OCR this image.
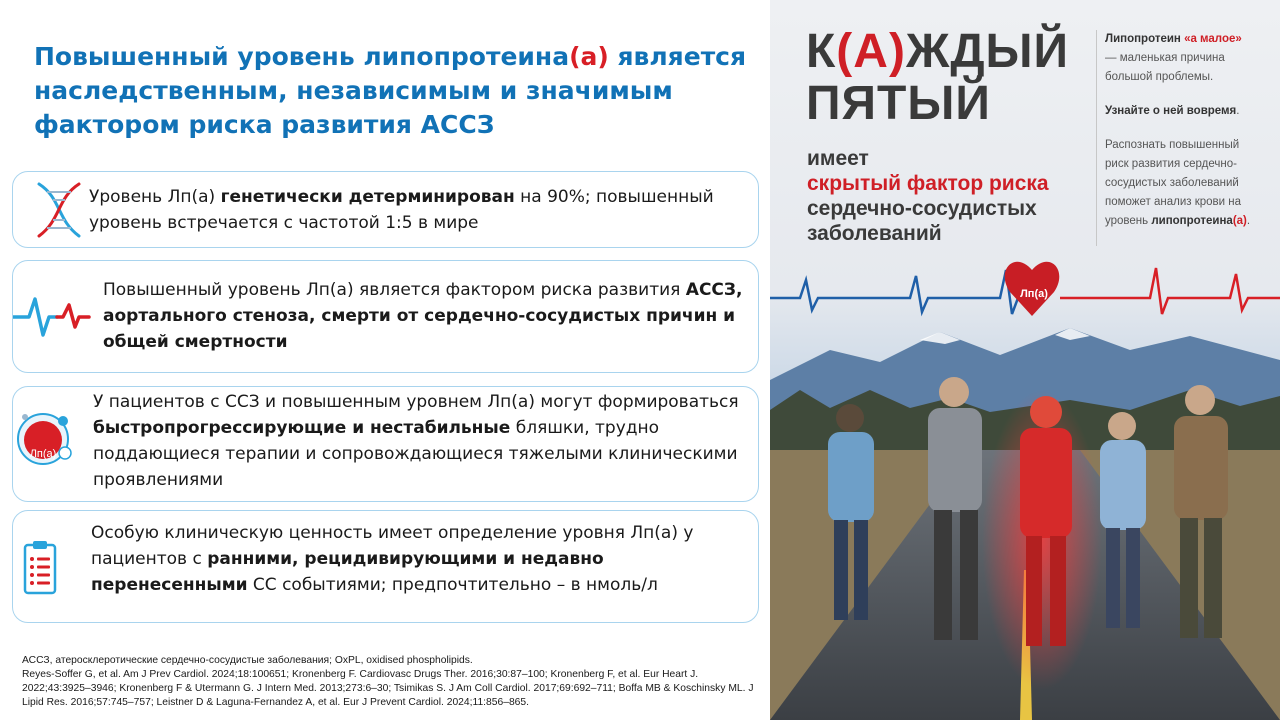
Повышенный уровень липопротеина(а) является наследственным, независимым и значимым фактором риска развития АССЗ
Уровень Лп(а) генетически детерминирован на 90%; повышенный уровень встречается с частотой 1:5 в мире
Повышенный уровень Лп(а) является фактором риска развития АССЗ, аортального стеноза, смерти от сердечно-сосудистых причин и общей смертности
Лп(а)
У пациентов с ССЗ и повышенным уровнем Лп(а) могут формироваться быстропрогрессирующие и нестабильные бляшки, трудно поддающиеся терапии и сопровождающиеся тяжелыми клиническими проявлениями
Особую клиническую ценность имеет определение уровня Лп(а) у пациентов с ранними, рецидивирующими и недавно перенесенными СС событиями; предпочтительно – в нмоль/л
АССЗ, атеросклеротические сердечно-сосудистые заболевания; OxPL, oxidised phospholipids.
Reyes-Soffer G, et al. Am J Prev Cardiol. 2024;18:100651; Kronenberg F. Cardiovasc Drugs Ther. 2016;30:87–100; Kronenberg F, et al. Eur Heart J. 2022;43:3925–3946; Kronenberg F & Utermann G. J Intern Med. 2013;273:6–30; Tsimikas S. J Am Coll Cardiol. 2017;69:692–711; Boffa MB & Koschinsky ML. J Lipid Res. 2016;57:745–757; Leistner D & Laguna-Fernandez A, et al. Eur J Prevent Cardiol. 2024;11:856–865.
К(А)ЖДЫЙ
ПЯТЫЙ
имеет
скрытый фактор риска
сердечно-сосудистых
заболеваний

Липопротеин «а малое» — маленькая причина большой проблемы.

Узнайте о ней вовремя.

Распознать повышенный риск развития сердечно-сосудистых заболеваний поможет анализ крови на уровень липопротеина(а).

Лп(а)
